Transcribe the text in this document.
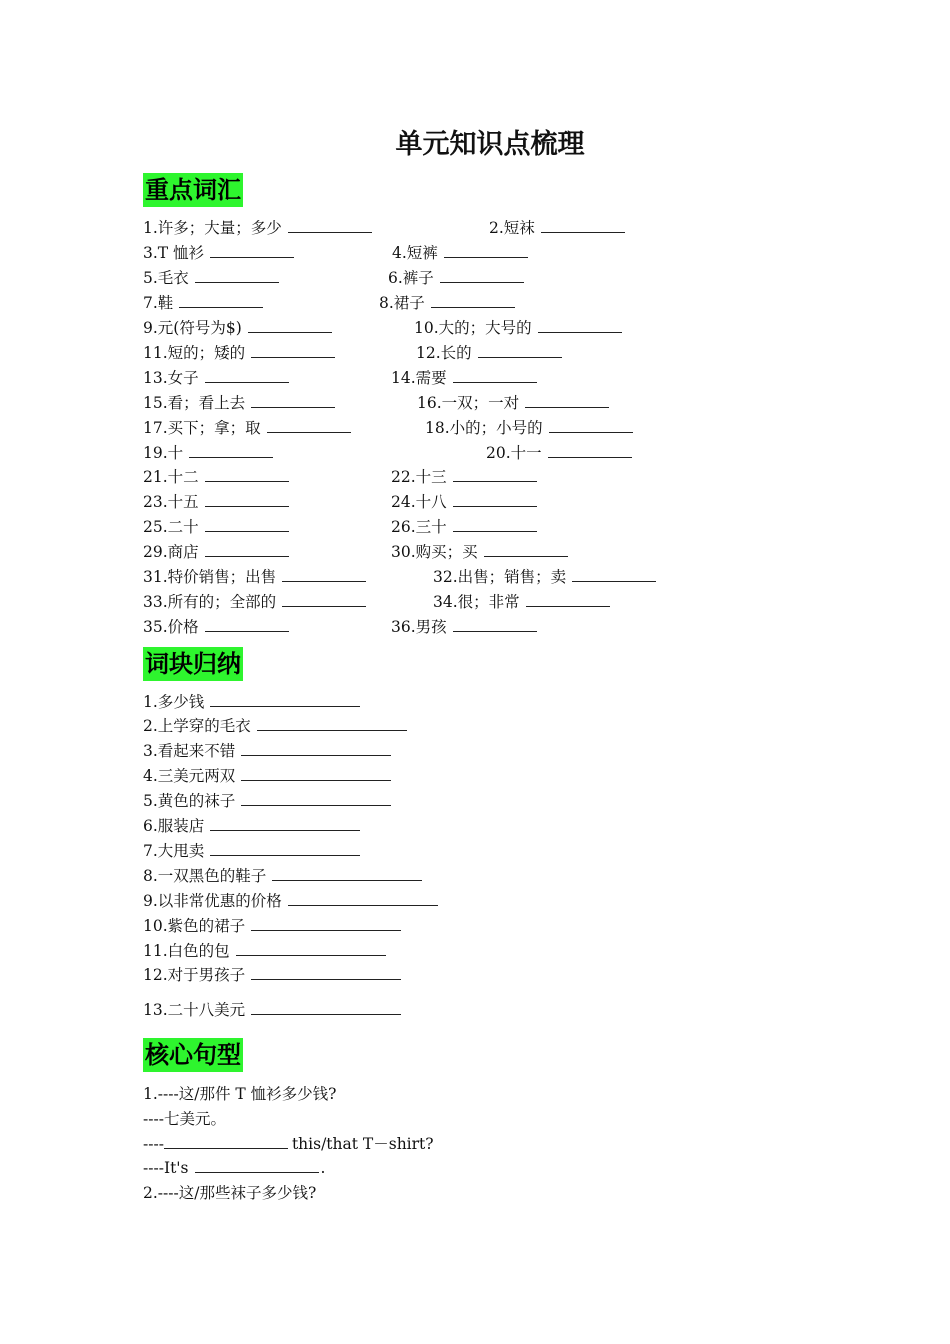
单元知识点梳理
重点词汇
1.许多；大量；多少	2.短袜
3.T 恤衫	4.短裤
5.毛衣	6.裤子
7.鞋	8.裙子
9.元(符号为$)	10.大的；大号的
11.短的；矮的	12.长的
13.女子	14.需要
15.看；看上去	16.一双；一对
17.买下；拿；取	18.小的；小号的
19.十	20.十一
21.十二	22.十三
23.十五	24.十八
25.二十	26.三十
29.商店	30.购买；买
31.特价销售；出售	32.出售；销售；卖
33.所有的；全部的	34.很；非常
35.价格	36.男孩
词块归纳
1.多少钱
2.上学穿的毛衣
3.看起来不错
4.三美元两双
5.黄色的袜子
6.服装店
7.大甩卖
8.一双黑色的鞋子
9.以非常优惠的价格
10.紫色的裙子
11.白色的包
12.对于男孩子
13.二十八美元
核心句型
1.----这/那件 T 恤衫多少钱?
----七美元。
----	this/that T－shirt?
----It's	.
2.----这/那些袜子多少钱?
